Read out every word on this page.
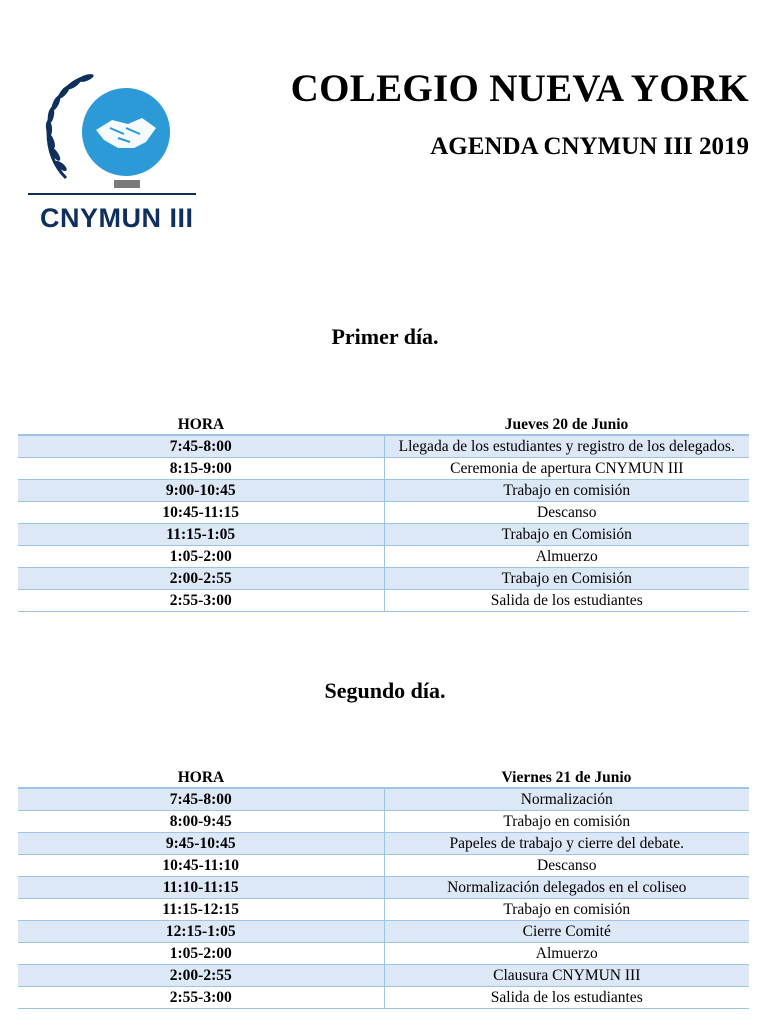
CNYMUN III
COLEGIO NUEVA YORK
AGENDA CNYMUN III 2019
Primer día.
HORA	Jueves 20 de Junio
7:45-8:00	Llegada de los estudiantes y registro de los delegados.
8:15-9:00	Ceremonia de apertura CNYMUN III
9:00-10:45	Trabajo en comisión
10:45-11:15	Descanso
11:15-1:05	Trabajo en Comisión
1:05-2:00	Almuerzo
2:00-2:55	Trabajo en Comisión
2:55-3:00	Salida de los estudiantes
Segundo día.
HORA	Viernes 21 de Junio
7:45-8:00	Normalización
8:00-9:45	Trabajo en comisión
9:45-10:45	Papeles de trabajo y cierre del debate.
10:45-11:10	Descanso
11:10-11:15	Normalización delegados en el coliseo
11:15-12:15	Trabajo en comisión
12:15-1:05	Cierre Comité
1:05-2:00	Almuerzo
2:00-2:55	Clausura CNYMUN III
2:55-3:00	Salida de los estudiantes
